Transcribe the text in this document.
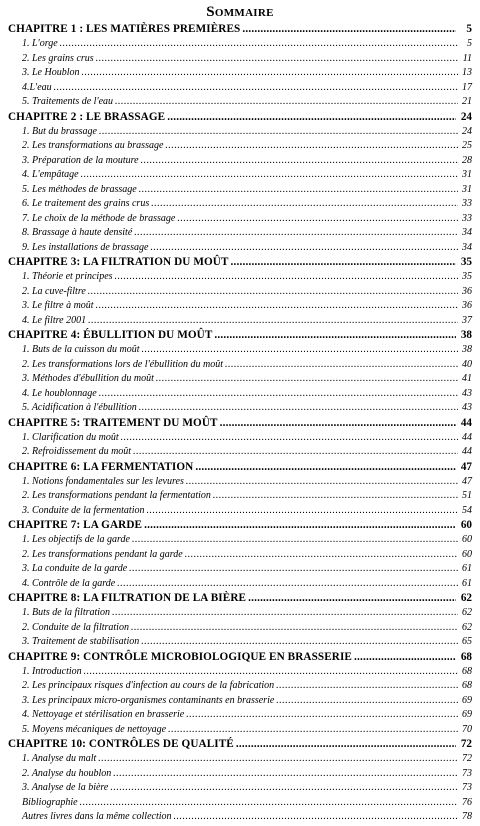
Sommaire
CHAPITRE 1 : LES MATIÈRES PREMIÈRES .....	5
1. L'orge .....	5
2. Les grains crus .....	11
3. Le Houblon .....	13
4.L'eau .....	17
5. Traitements de l'eau .....	21
CHAPITRE 2 : LE BRASSAGE .....	24
1. But du brassage .....	24
2. Les transformations au brassage .....	25
3. Préparation de la mouture .....	28
4. L'empâtage .....	31
5. Les méthodes de brassage .....	31
6. Le traitement des grains crus .....	33
7. Le choix de la méthode de brassage .....	33
8. Brassage à haute densité .....	34
9. Les installations de brassage .....	34
CHAPITRE 3: LA FILTRATION DU MOÛT .....	35
1. Théorie et principes .....	35
2. La cuve-filtre .....	36
3. Le filtre à moût .....	36
4. Le filtre 2001 .....	37
CHAPITRE 4: ÉBULLITION DU MOÛT .....	38
1. Buts de la cuisson du moût .....	38
2. Les transformations lors de l'ébullition du moût .....	40
3. Méthodes d'ébullition du moût .....	41
4. Le houblonnage .....	43
5. Acidification à l'ébullition .....	43
CHAPITRE 5: TRAITEMENT DU MOÛT .....	44
1. Clarification du moût .....	44
2. Refroidissement du moût .....	44
CHAPITRE 6: LA FERMENTATION .....	47
1. Notions fondamentales sur les levures .....	47
2. Les transformations pendant la fermentation .....	51
3. Conduite de la fermentation .....	54
CHAPITRE 7: LA GARDE .....	60
1. Les objectifs de la garde .....	60
2. Les transformations pendant la garde .....	60
3. La conduite de la garde .....	61
4. Contrôle de la garde .....	61
CHAPITRE 8: LA FILTRATION DE LA BIÈRE .....	62
1. Buts de la filtration .....	62
2. Conduite de la filtration .....	62
3. Traitement de stabilisation .....	65
CHAPITRE 9: CONTRÔLE MICROBIOLOGIQUE EN BRASSERIE .....	68
1. Introduction .....	68
2. Les principaux risques d'infection au cours de la fabrication .....	68
3. Les principaux micro-organismes contaminants en brasserie .....	69
4. Nettoyage et stérilisation en brasserie .....	69
5. Moyens mécaniques de nettoyage .....	70
CHAPITRE 10: CONTRÔLES DE QUALITÉ .....	72
1. Analyse du malt .....	72
2. Analyse du houblon .....	73
3. Analyse de la bière .....	73
Bibliographie .....	76
Autres livres dans la même collection .....	78
